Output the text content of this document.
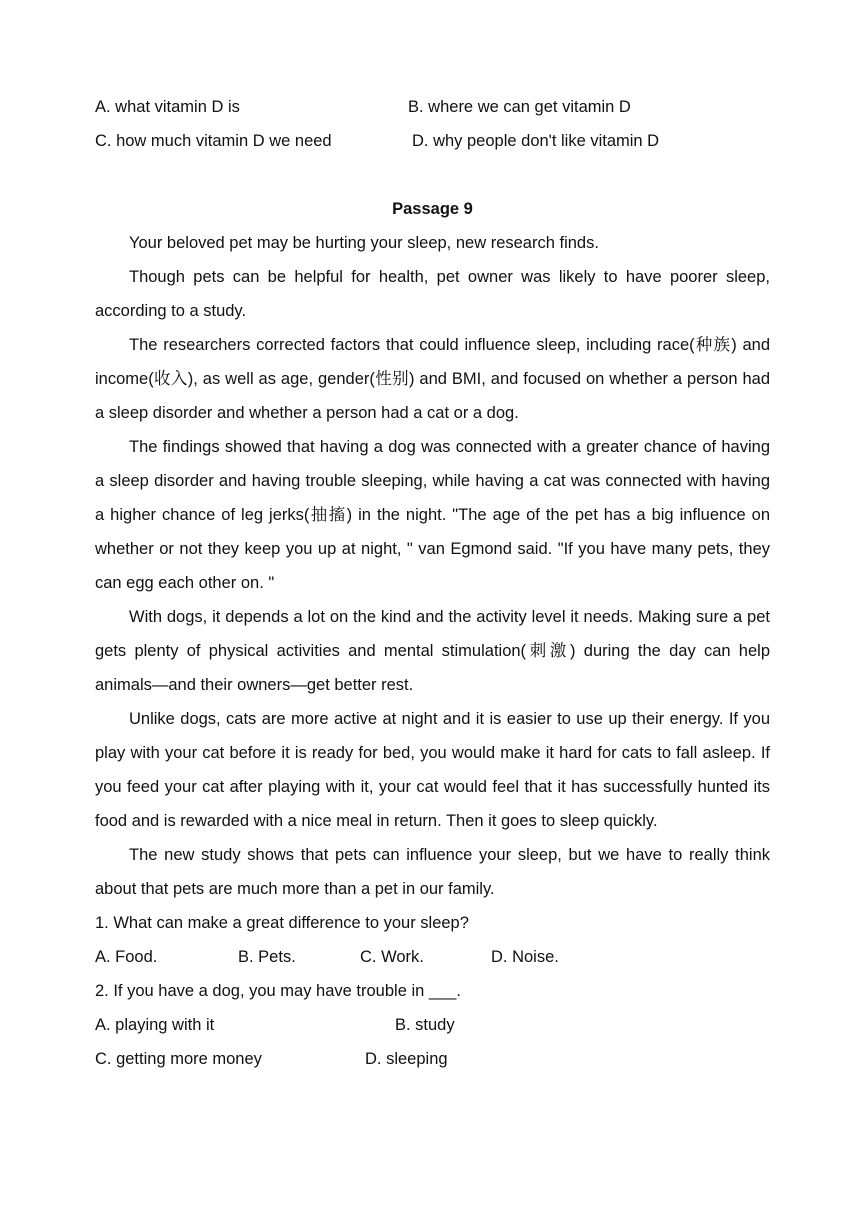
A. what vitamin D is	B. where we can get vitamin D
C. how much vitamin D we need	D. why people don't like vitamin D
Passage 9

Your beloved pet may be hurting your sleep, new research finds.

Though pets can be helpful for health, pet owner was likely to have poorer sleep, according to a study.

The researchers corrected factors that could influence sleep, including race(种族) and income(收入), as well as age, gender(性别) and BMI, and focused on whether a person had a sleep disorder and whether a person had a cat or a dog.

The findings showed that having a dog was connected with a greater chance of having a sleep disorder and having trouble sleeping, while having a cat was connected with having a higher chance of leg jerks(抽搐) in the night. "The age of the pet has a big influence on whether or not they keep you up at night, " van Egmond said. "If you have many pets, they can egg each other on. "

With dogs, it depends a lot on the kind and the activity level it needs. Making sure a pet gets plenty of physical activities and mental stimulation(刺激) during the day can help animals—and their owners—get better rest.

Unlike dogs, cats are more active at night and it is easier to use up their energy. If you play with your cat before it is ready for bed, you would make it hard for cats to fall asleep. If you feed your cat after playing with it, your cat would feel that it has successfully hunted its food and is rewarded with a nice meal in return. Then it goes to sleep quickly.

The new study shows that pets can influence your sleep, but we have to really think about that pets are much more than a pet in our family.

1. What can make a great difference to your sleep?
A. Food.	B. Pets.	C. Work.	D. Noise.
2. If you have a dog, you may have trouble in ___.
A. playing with it	B. study
C. getting more money	D. sleeping
